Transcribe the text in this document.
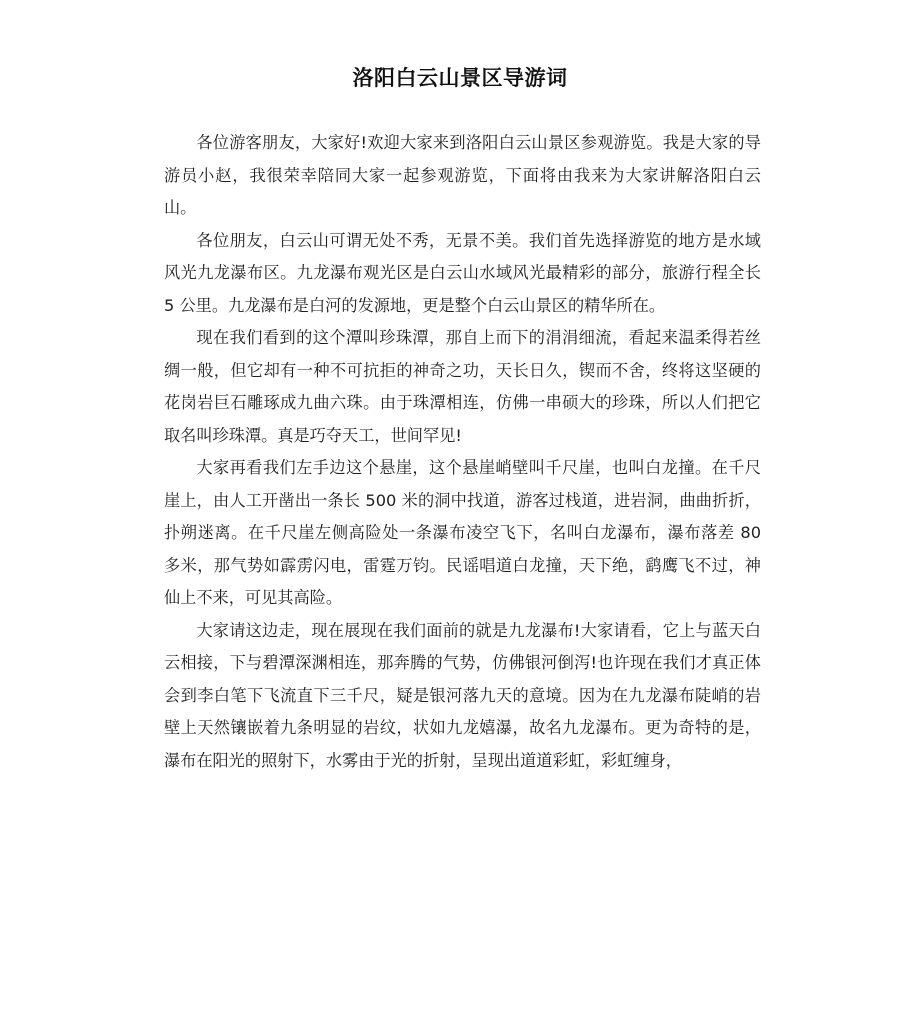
洛阳白云山景区导游词

各位游客朋友，大家好!欢迎大家来到洛阳白云山景区参观游览。我是大家的导游员小赵，我很荣幸陪同大家一起参观游览，下面将由我来为大家讲解洛阳白云山。

各位朋友，白云山可谓无处不秀，无景不美。我们首先选择游览的地方是水域风光九龙瀑布区。九龙瀑布观光区是白云山水域风光最精彩的部分，旅游行程全长 5 公里。九龙瀑布是白河的发源地，更是整个白云山景区的精华所在。

现在我们看到的这个潭叫珍珠潭，那自上而下的涓涓细流，看起来温柔得若丝绸一般，但它却有一种不可抗拒的神奇之功，天长日久，锲而不舍，终将这坚硬的花岗岩巨石雕琢成九曲六珠。由于珠潭相连，仿佛一串硕大的珍珠，所以人们把它取名叫珍珠潭。真是巧夺天工，世间罕见!

大家再看我们左手边这个悬崖，这个悬崖峭壁叫千尺崖，也叫白龙撞。在千尺崖上，由人工开凿出一条长 500 米的洞中找道，游客过栈道，进岩洞，曲曲折折，扑朔迷离。在千尺崖左侧高险处一条瀑布凌空飞下，名叫白龙瀑布，瀑布落差 80 多米，那气势如霹雳闪电，雷霆万钧。民谣唱道白龙撞，天下绝，鹞鹰飞不过，神仙上不来，可见其高险。

大家请这边走，现在展现在我们面前的就是九龙瀑布!大家请看，它上与蓝天白云相接，下与碧潭深渊相连，那奔腾的气势，仿佛银河倒泻!也许现在我们才真正体会到李白笔下飞流直下三千尺，疑是银河落九天的意境。因为在九龙瀑布陡峭的岩壁上天然镶嵌着九条明显的岩纹，状如九龙嬉瀑，故名九龙瀑布。更为奇特的是，瀑布在阳光的照射下，水雾由于光的折射，呈现出道道彩虹，彩虹缠身，
